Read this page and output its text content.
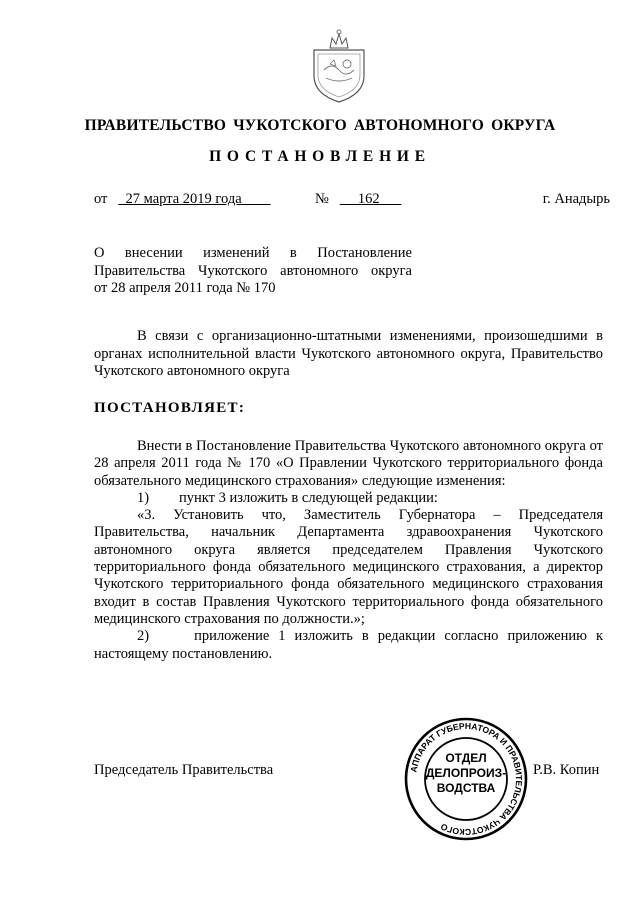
ПРАВИТЕЛЬСТВО ЧУКОТСКОГО АВТОНОМНОГО ОКРУГА
ПОСТАНОВЛЕНИЕ
от 27 марта 2019 года	№ 162	г. Анадырь
О внесении изменений в Постановление
Правительства Чукотского автономного округа
от 28 апреля 2011 года № 170
В связи с организационно-штатными изменениями, произошедшими в органах исполнительной власти Чукотского автономного округа, Правительство Чукотского автономного округа
ПОСТАНОВЛЯЕТ:

Внести в Постановление Правительства Чукотского автономного округа от 28 апреля 2011 года № 170 «О Правлении Чукотского территориального фонда обязательного медицинского страхования» следующие изменения:

1) пункт 3 изложить в следующей редакции:

«3. Установить что, Заместитель Губернатора – Председателя Правительства, начальник Департамента здравоохранения Чукотского автономного округа является председателем Правления Чукотского территориального фонда обязательного медицинского страхования, а директор Чукотского территориального фонда обязательного медицинского страхования входит в состав Правления Чукотского территориального фонда обязательного медицинского страхования по должности.»;

2)	приложение 1 изложить в редакции согласно приложению к настоящему постановлению.

Председатель Правительства	Р.В. Копин
АППАРАТ ГУБЕРНАТОРА И ПРАВИТЕЛЬСТВА ЧУКОТСКОГО
ОТДЕЛ
ДЕЛОПРОИЗ-
ВОДСТВА
